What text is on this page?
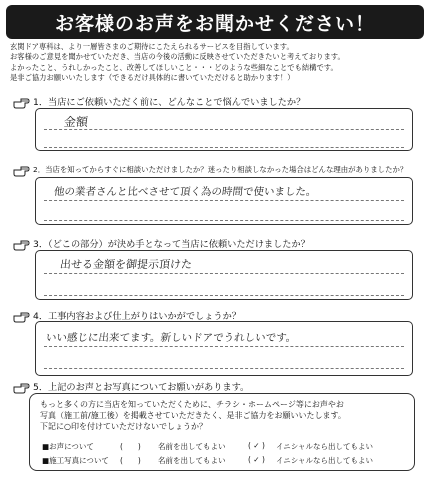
お客様のお声をお聞かせください！
玄関ドア専科は、より一層皆さまのご期待にこたえられるサービスを目指しています。
お客様のご意見を聞かせていただき、当店の今後の活動に反映させていただきたいと考えております。
よかったこと、うれしかったこと、改善してほしいこと・・・どのような些細なことでも結構です。
是非ご協力お願いいたします（できるだけ具体的に書いていただけると助かります！）
1．当店にご依頼いただく前に、どんなことで悩んでいましたか？
金額
2．当店を知ってからすぐに相談いただけましたか？迷ったり相談しなかった場合はどんな理由がありましたか？
他の業者さんと比べさせて頂く為の時間で使いました。
3．（どこの部分）が決め手となって当店に依頼いただけましたか？
出せる金額を御提示頂けた
4．工事内容および仕上がりはいかがでしょうか？
いい感じに出来てます。新しいドアでうれしいです。
5．上記のお声とお写真についてお願いがあります。
もっと多くの方に当店を知っていただくために、チラシ・ホームページ等にお声やお
写真（施工前/施工後）を掲載させていただきたく、是非ご協力をお願いいたします。
下記に○印を付けていただけないでしょうか？
■お声について	(　　)	名前を出してもよい	( ✓ )	イニシャルなら出してもよい
■施工写真について	(　　)	名前を出してもよい	( ✓ )	イニシャルなら出してもよい
